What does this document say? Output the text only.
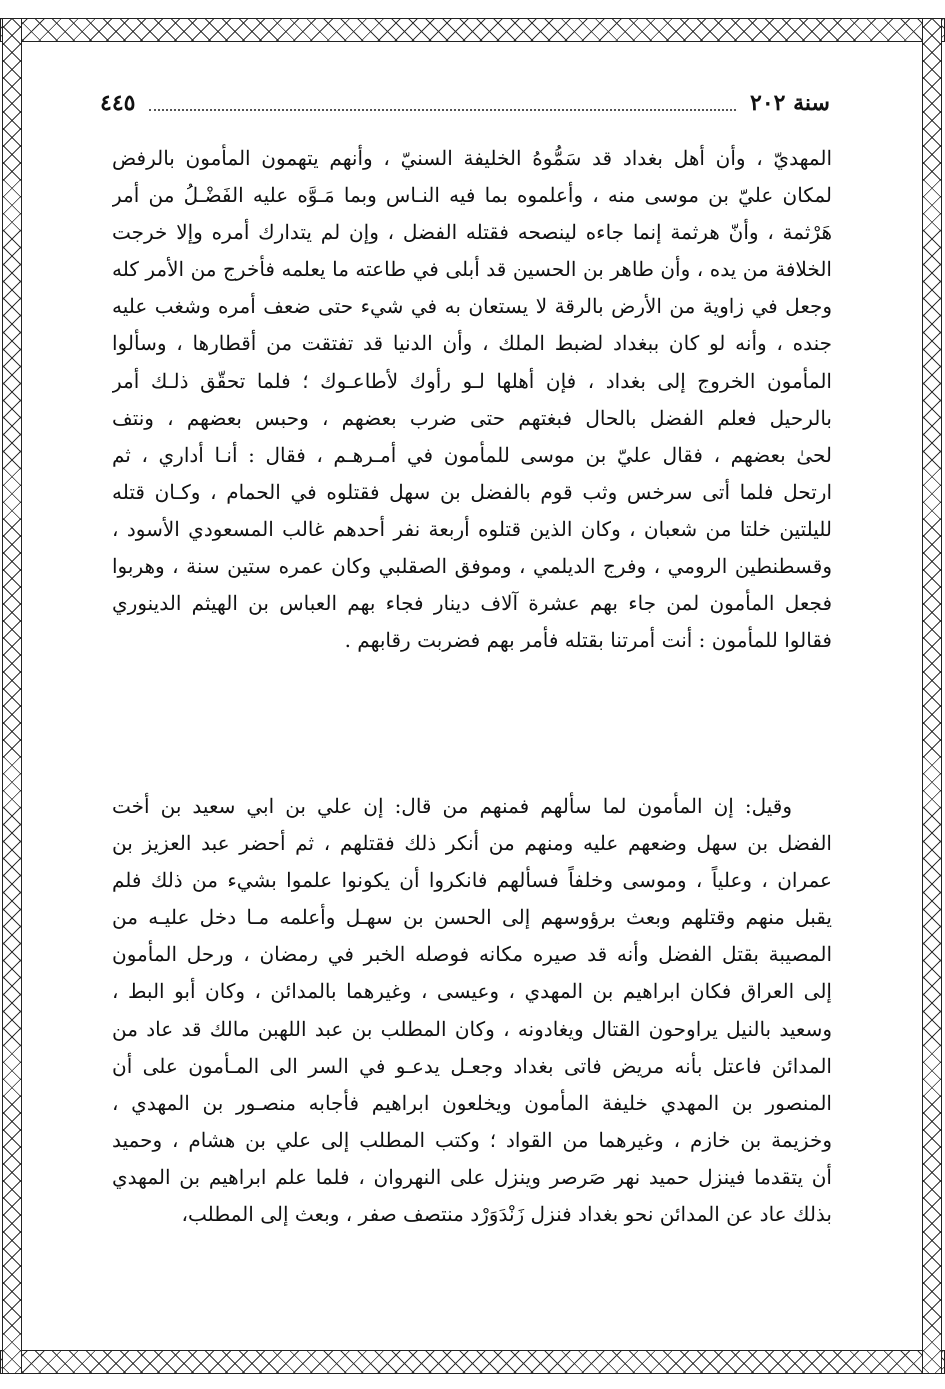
سنة ٢٠٢
٤٤٥
المهديّ ، وأن أهل بغداد قد سَمُّوهُ الخليفة السنيّ ، وأنهم يتهمون المأمون بالرفض
لمكان عليّ بن موسى منه ، وأعلموه بما فيه النـاس وبما مَـوَّه عليه الفَضْـلُ من أمر
هَرْثمة ، وأنّ هرثمة إنما جاءه لينصحه فقتله الفضل ، وإن لم يتدارك أمره وإلا خرجت
الخلافة من يده ، وأن طاهر بن الحسين قد أبلى في طاعته ما يعلمه فأخرج من الأمر كله
وجعل في زاوية من الأرض بالرقة لا يستعان به في شيء حتى ضعف أمره وشغب عليه
جنده ، وأنه لو كان ببغداد لضبط الملك ، وأن الدنيا قد تفتقت من أقطارها ، وسألوا
المأمون الخروج إلى بغداد ، فإن أهلها لـو رأوك لأطاعـوك ؛ فلما تحقّق ذلـك أمر
بالرحيل فعلم الفضل بالحال فبغتهم حتى ضرب بعضهم ، وحبس بعضهم ، ونتف
لحىٰ بعضهم ، فقال عليّ بن موسى للمأمون في أمـرهـم ، فقال : أنـا أداري ، ثم
ارتحل فلما أتى سرخس وثب قوم بالفضل بن سهل فقتلوه في الحمام ، وكـان قتله
لليلتين خلتا من شعبان ، وكان الذين قتلوه أربعة نفر أحدهم غالب المسعودي الأسود ،
وقسطنطين الرومي ، وفرج الديلمي ، وموفق الصقلبي وكان عمره ستين سنة ، وهربوا
فجعل المأمون لمن جاء بهم عشرة آلاف دينار فجاء بهم العباس بن الهيثم الدينوري
فقالوا للمأمون : أنت أمرتنا بقتله فأمر بهم فضربت رقابهم .
وقيل: إن المأمون لما سألهم فمنهم من قال: إن علي بن ابي سعيد بن أخت
الفضل بن سهل وضعهم عليه ومنهم من أنكر ذلك فقتلهم ، ثم أحضر عبد العزيز بن
عمران ، وعلياً ، وموسى وخلفاً فسألهم فانكروا أن يكونوا علموا بشيء من ذلك فلم
يقبل منهم وقتلهم وبعث برؤوسهم إلى الحسن بن سهـل وأعلمه مـا دخل عليـه من
المصيبة بقتل الفضل وأنه قد صيره مكانه فوصله الخبر في رمضان ، ورحل المأمون
إلى العراق فكان ابراهيم بن المهدي ، وعيسى ، وغيرهما بالمدائن ، وكان أبو البط ،
وسعيد بالنيل يراوحون القتال ويغادونه ، وكان المطلب بن عبد اللهبن مالك قد عاد من
المدائن فاعتل بأنه مريض فاتى بغداد وجعـل يدعـو في السر الى المـأمون على أن
المنصور بن المهدي خليفة المأمون ويخلعون ابراهيم فأجابه منصـور بن المهدي ،
وخزيمة بن خازم ، وغيرهما من القواد ؛ وكتب المطلب إلى علي بن هشام ، وحميد
أن يتقدما فينزل حميد نهر صَرصر وينزل على النهروان ، فلما علم ابراهيم بن المهدي
بذلك عاد عن المدائن نحو بغداد فنزل زَنْدَوَرْد منتصف صفر ، وبعث إلى المطلب،
